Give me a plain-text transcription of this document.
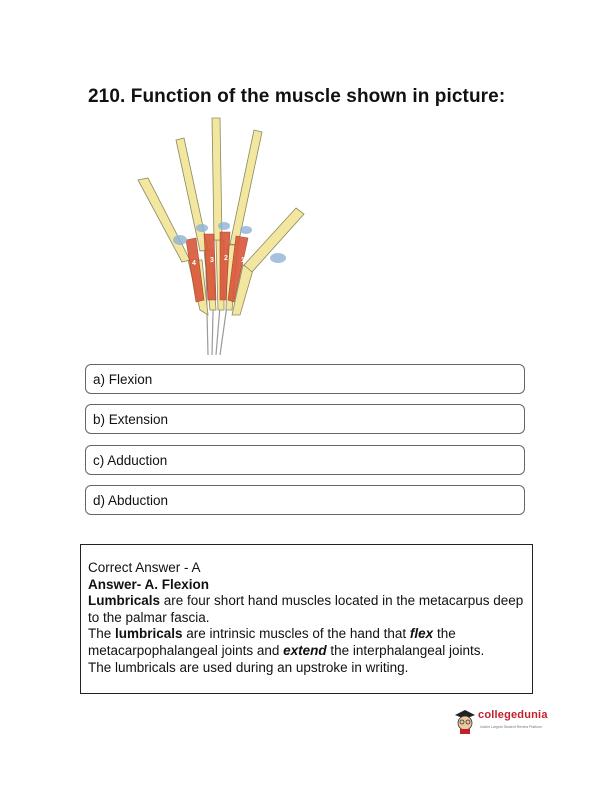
210. Function of the muscle shown in picture:
4 3 2 1
a) Flexion
b) Extension
c) Adduction
d) Abduction

Correct Answer - A

Answer- A. Flexion

Lumbricals are four short hand muscles located in the metacarpus deep to the palmar fascia.

The lumbricals are intrinsic muscles of the hand that flex the metacarpophalangeal joints and extend the interphalangeal joints.

The lumbricals are used during an upstroke in writing.

collegedunia
India's Largest Student Review Platform
